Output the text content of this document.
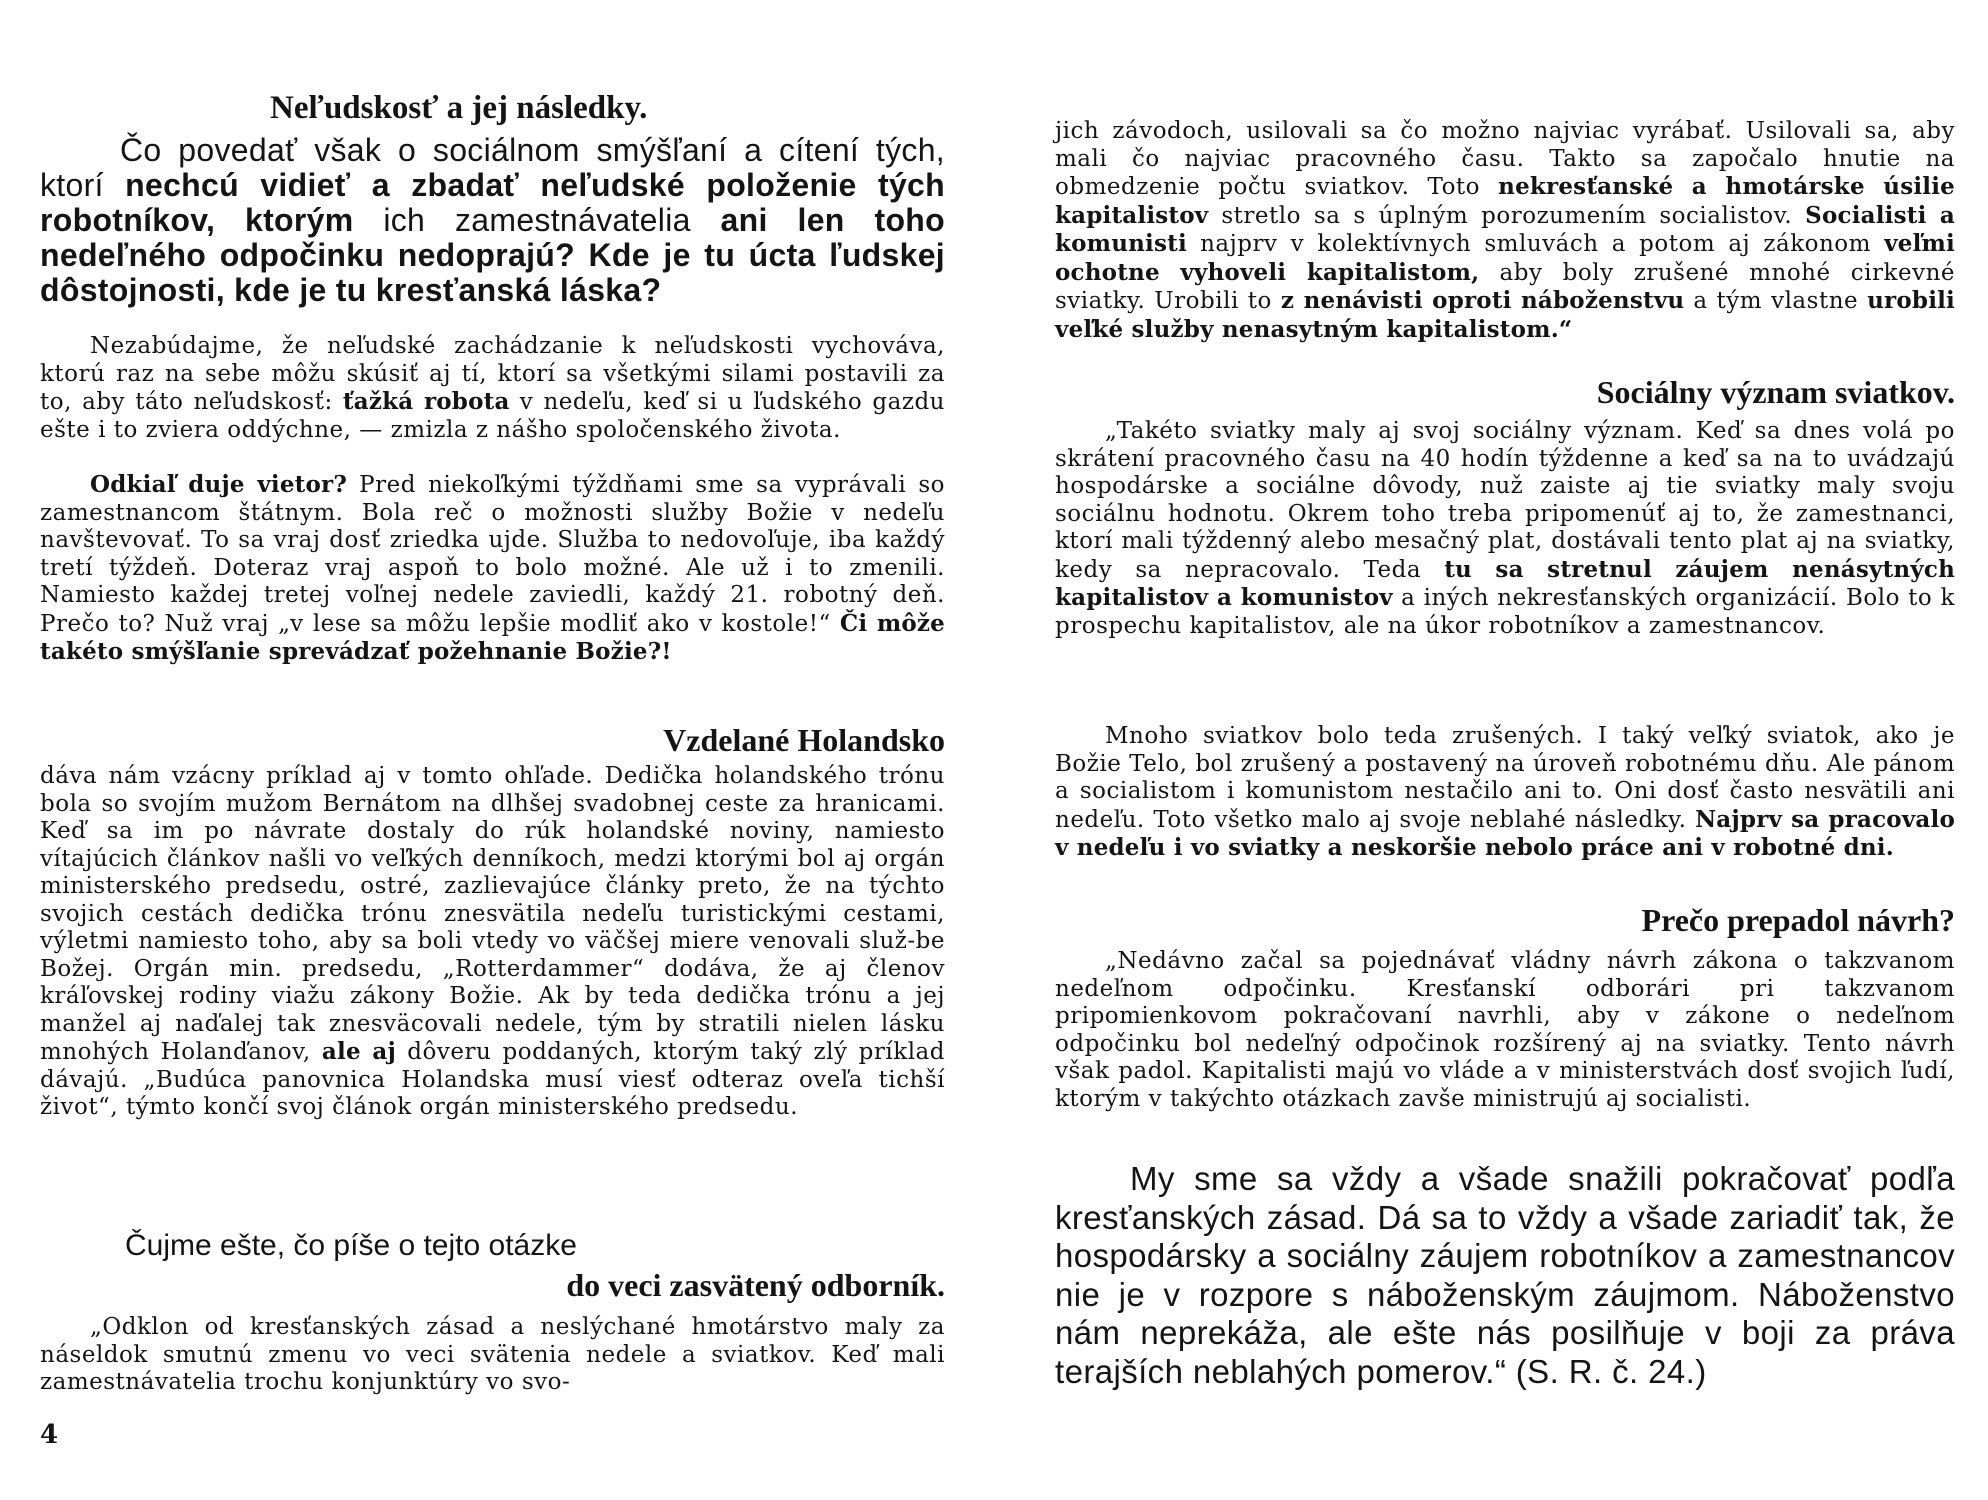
Neľudskosť a jej následky.

Čo povedať však o sociálnom smýšľaní a cítení tých, ktorí nechcú vidieť a zbadať neľudské položenie tých robotníkov, ktorým ich zamestnávatelia ani len toho nedeľného odpočinku nedoprajú? Kde je tu úcta ľudskej dôstojnosti, kde je tu kresťanská láska?

Nezabúdajme, že neľudské zachádzanie k neľudskosti vychováva, ktorú raz na sebe môžu skúsiť aj tí, ktorí sa všetkými silami postavili za to, aby táto neľudskosť: ťažká robota v nedeľu, keď si u ľudského gazdu ešte i to zviera oddýchne, — zmizla z nášho spoločenského života.

Odkiaľ duje vietor? Pred niekoľkými týždňami sme sa vyprávali so zamestnancom štátnym. Bola reč o možnosti služby Božie v nedeľu navštevovať. To sa vraj dosť zriedka ujde. Služba to nedovoľuje, iba každý tretí týždeň. Doteraz vraj aspoň to bolo možné. Ale už i to zmenili. Namiesto každej tretej voľnej nedele zaviedli, každý 21. robotný deň. Prečo to? Nuž vraj „v lese sa môžu lepšie modliť ako v kostole!“ Či môže takéto smýšľanie sprevádzať požehnanie Božie?!

Vzdelané Holandsko

dáva nám vzácny príklad aj v tomto ohľade. Dedička holandského trónu bola so svojím mužom Bernátom na dlhšej svadobnej ceste za hranicami. Keď sa im po návrate dostaly do rúk holandské noviny, namiesto vítajúcich článkov našli vo veľkých denníkoch, medzi ktorými bol aj orgán ministerského predsedu, ostré, zazlievajúce články preto, že na týchto svojich cestách dedička trónu znesvätila nedeľu turistickými cestami, výletmi namiesto toho, aby sa boli vtedy vo väčšej miere venovali služ-be Božej. Orgán min. predsedu, „Rotterdammer“ dodáva, že aj členov kráľovskej rodiny viažu zákony Božie. Ak by teda dedička trónu a jej manžel aj naďalej tak znesväcovali nedele, tým by stratili nielen lásku mnohých Holanďanov, ale aj dôveru poddaných, ktorým taký zlý príklad dávajú. „Budúca panovnica Holandska musí viesť odteraz oveľa tichší život“, týmto končí svoj článok orgán ministerského predsedu.

Čujme ešte, čo píše o tejto otázke

do veci zasvätený odborník.

„Odklon od kresťanských zásad a neslýchané hmotárstvo maly za náseldok smutnú zmenu vo veci svätenia nedele a sviatkov. Keď mali zamestnávatelia trochu konjunktúry vo svo-

4

jich závodoch, usilovali sa čo možno najviac vyrábať. Usilovali sa, aby mali čo najviac pracovného času. Takto sa započalo hnutie na obmedzenie počtu sviatkov. Toto nekresťanské a hmotárske úsilie kapitalistov stretlo sa s úplným porozumením socialistov. Socialisti a komunisti najprv v kolektívnych smluvách a potom aj zákonom veľmi ochotne vyhoveli kapitalistom, aby boly zrušené mnohé cirkevné sviatky. Urobili to z nenávisti oproti náboženstvu a tým vlastne urobili veľké služby nenasytným kapitalistom.“

Sociálny význam sviatkov.

„Takéto sviatky maly aj svoj sociálny význam. Keď sa dnes volá po skrátení pracovného času na 40 hodín týždenne a keď sa na to uvádzajú hospodárske a sociálne dôvody, nuž zaiste aj tie sviatky maly svoju sociálnu hodnotu. Okrem toho treba pripomenúť aj to, že zamestnanci, ktorí mali týždenný alebo mesačný plat, dostávali tento plat aj na sviatky, kedy sa nepracovalo. Teda tu sa stretnul záujem nenásytných kapitalistov a komunistov a iných nekresťanských organizácií. Bolo to k prospechu kapitalistov, ale na úkor robotníkov a zamestnancov.

Mnoho sviatkov bolo teda zrušených. I taký veľký sviatok, ako je Božie Telo, bol zrušený a postavený na úroveň robotnému dňu. Ale pánom a socialistom i komunistom nestačilo ani to. Oni dosť často nesvätili ani nedeľu. Toto všetko malo aj svoje neblahé následky. Najprv sa pracovalo v nedeľu i vo sviatky a neskoršie nebolo práce ani v robotné dni.

Prečo prepadol návrh?

„Nedávno začal sa pojednávať vládny návrh zákona o takzvanom nedeľnom odpočinku. Kresťanskí odborári pri takzvanom pripomienkovom pokračovaní navrhli, aby v zákone o nedeľnom odpočinku bol nedeľný odpočinok rozšírený aj na sviatky. Tento návrh však padol. Kapitalisti majú vo vláde a v ministerstvách dosť svojich ľudí, ktorým v takýchto otázkach zavše ministrujú aj socialisti.

My sme sa vždy a všade snažili pokračovať podľa kresťanských zásad. Dá sa to vždy a všade zariadiť tak, že hospodársky a sociálny záujem robotníkov a zamestnancov nie je v rozpore s náboženským záujmom. Náboženstvo nám neprekáža, ale ešte nás posilňuje v boji za práva terajších neblahých pomerov.“ (S. R. č. 24.)
